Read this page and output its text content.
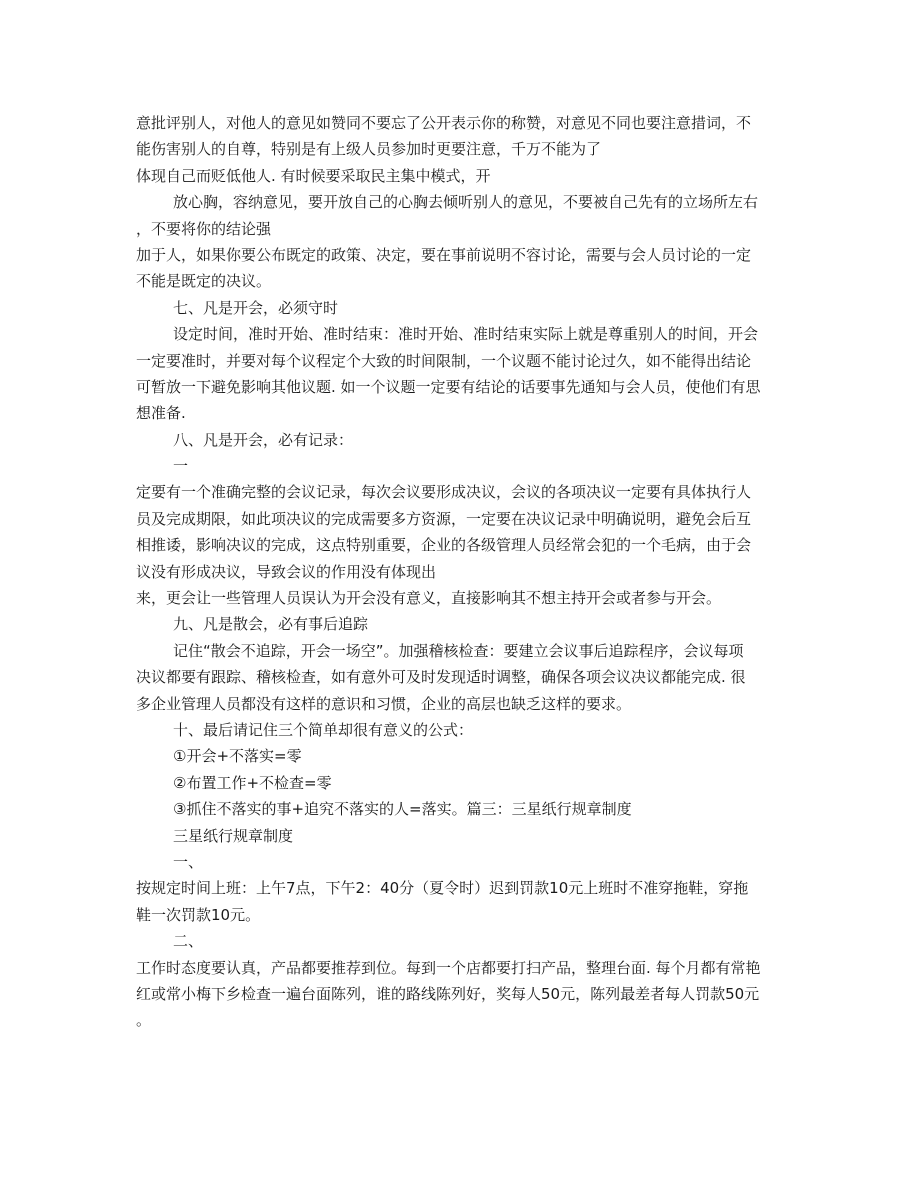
意批评别人，对他人的意见如赞同不要忘了公开表示你的称赞，对意见不同也要注意措词，不
能伤害别人的自尊，特别是有上级人员参加时更要注意，千万不能为了
体现自己而贬低他人. 有时候要采取民主集中模式，开
放心胸，容纳意见，要开放自己的心胸去倾听别人的意见，不要被自己先有的立场所左右
，不要将你的结论强
加于人，如果你要公布既定的政策、决定，要在事前说明不容讨论，需要与会人员讨论的一定
不能是既定的决议。
七、凡是开会，必须守时
设定时间，准时开始、准时结束：准时开始、准时结束实际上就是尊重别人的时间，开会
一定要准时，并要对每个议程定个大致的时间限制，一个议题不能讨论过久，如不能得出结论
可暂放一下避免影响其他议题. 如一个议题一定要有结论的话要事先通知与会人员，使他们有思
想准备.
八、凡是开会，必有记录：
一
定要有一个准确完整的会议记录，每次会议要形成决议，会议的各项决议一定要有具体执行人
员及完成期限，如此项决议的完成需要多方资源，一定要在决议记录中明确说明，避免会后互
相推诿，影响决议的完成，这点特别重要，企业的各级管理人员经常会犯的一个毛病，由于会
议没有形成决议，导致会议的作用没有体现出
来，更会让一些管理人员误认为开会没有意义，直接影响其不想主持开会或者参与开会。
九、凡是散会，必有事后追踪
记住“散会不追踪，开会一场空”。加强稽核检查：要建立会议事后追踪程序，会议每项
决议都要有跟踪、稽核检查，如有意外可及时发现适时调整，确保各项会议决议都能完成. 很
多企业管理人员都没有这样的意识和习惯，企业的高层也缺乏这样的要求。
十、最后请记住三个简单却很有意义的公式：
①开会+不落实=零
②布置工作+不检查=零
③抓住不落实的事+追究不落实的人=落实。篇三：三星纸行规章制度
三星纸行规章制度
一、
按规定时间上班：上午7点，下午2：40分（夏令时）迟到罚款10元上班时不准穿拖鞋，穿拖
鞋一次罚款10元。
二、
工作时态度要认真，产品都要推荐到位。每到一个店都要打扫产品，整理台面. 每个月都有常艳
红或常小梅下乡检查一遍台面陈列，谁的路线陈列好，奖每人50元，陈列最差者每人罚款50元
。
